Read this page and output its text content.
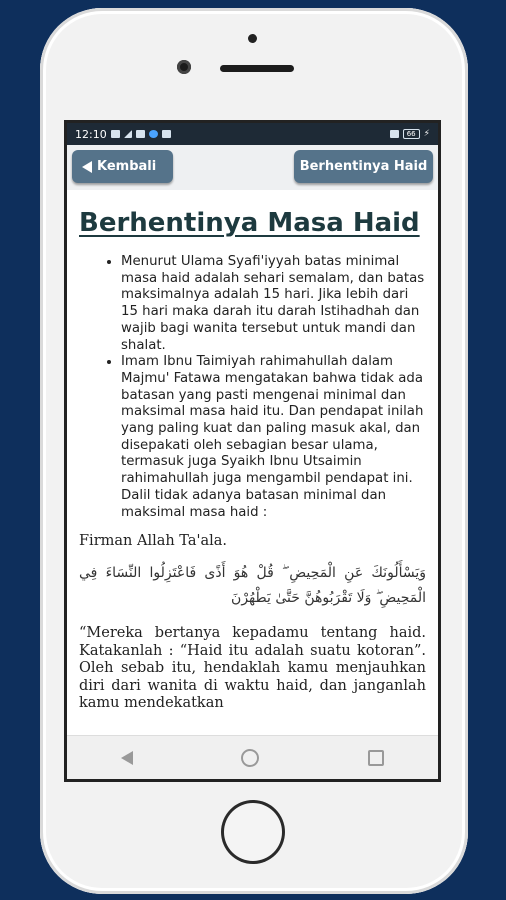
12:10	66 ⚡
Kembali	Berhentinya Haid
Berhentinya Masa Haid
• Menurut Ulama Syafi'iyyah batas minimal masa haid adalah sehari semalam, dan batas maksimalnya adalah 15 hari. Jika lebih dari 15 hari maka darah itu darah Istihadhah dan wajib bagi wanita tersebut untuk mandi dan shalat.
• Imam Ibnu Taimiyah rahimahullah dalam Majmu' Fatawa mengatakan bahwa tidak ada batasan yang pasti mengenai minimal dan maksimal masa haid itu. Dan pendapat inilah yang paling kuat dan paling masuk akal, dan disepakati oleh sebagian besar ulama, termasuk juga Syaikh Ibnu Utsaimin rahimahullah juga mengambil pendapat ini. Dalil tidak adanya batasan minimal dan maksimal masa haid :
Firman Allah Ta'ala.
وَيَسْأَلُونَكَ عَنِ الْمَحِيضِ ۖ قُلْ هُوَ أَذًى فَاعْتَزِلُوا النِّسَاءَ فِي الْمَحِيضِ ۖ وَلَا تَقْرَبُوهُنَّ حَتَّىٰ يَطْهُرْنَ
“Mereka bertanya kepadamu tentang haid. Katakanlah : “Haid itu adalah suatu kotoran”. Oleh sebab itu, hendaklah kamu menjauhkan diri dari wanita di waktu haid, dan janganlah kamu mendekatkan
